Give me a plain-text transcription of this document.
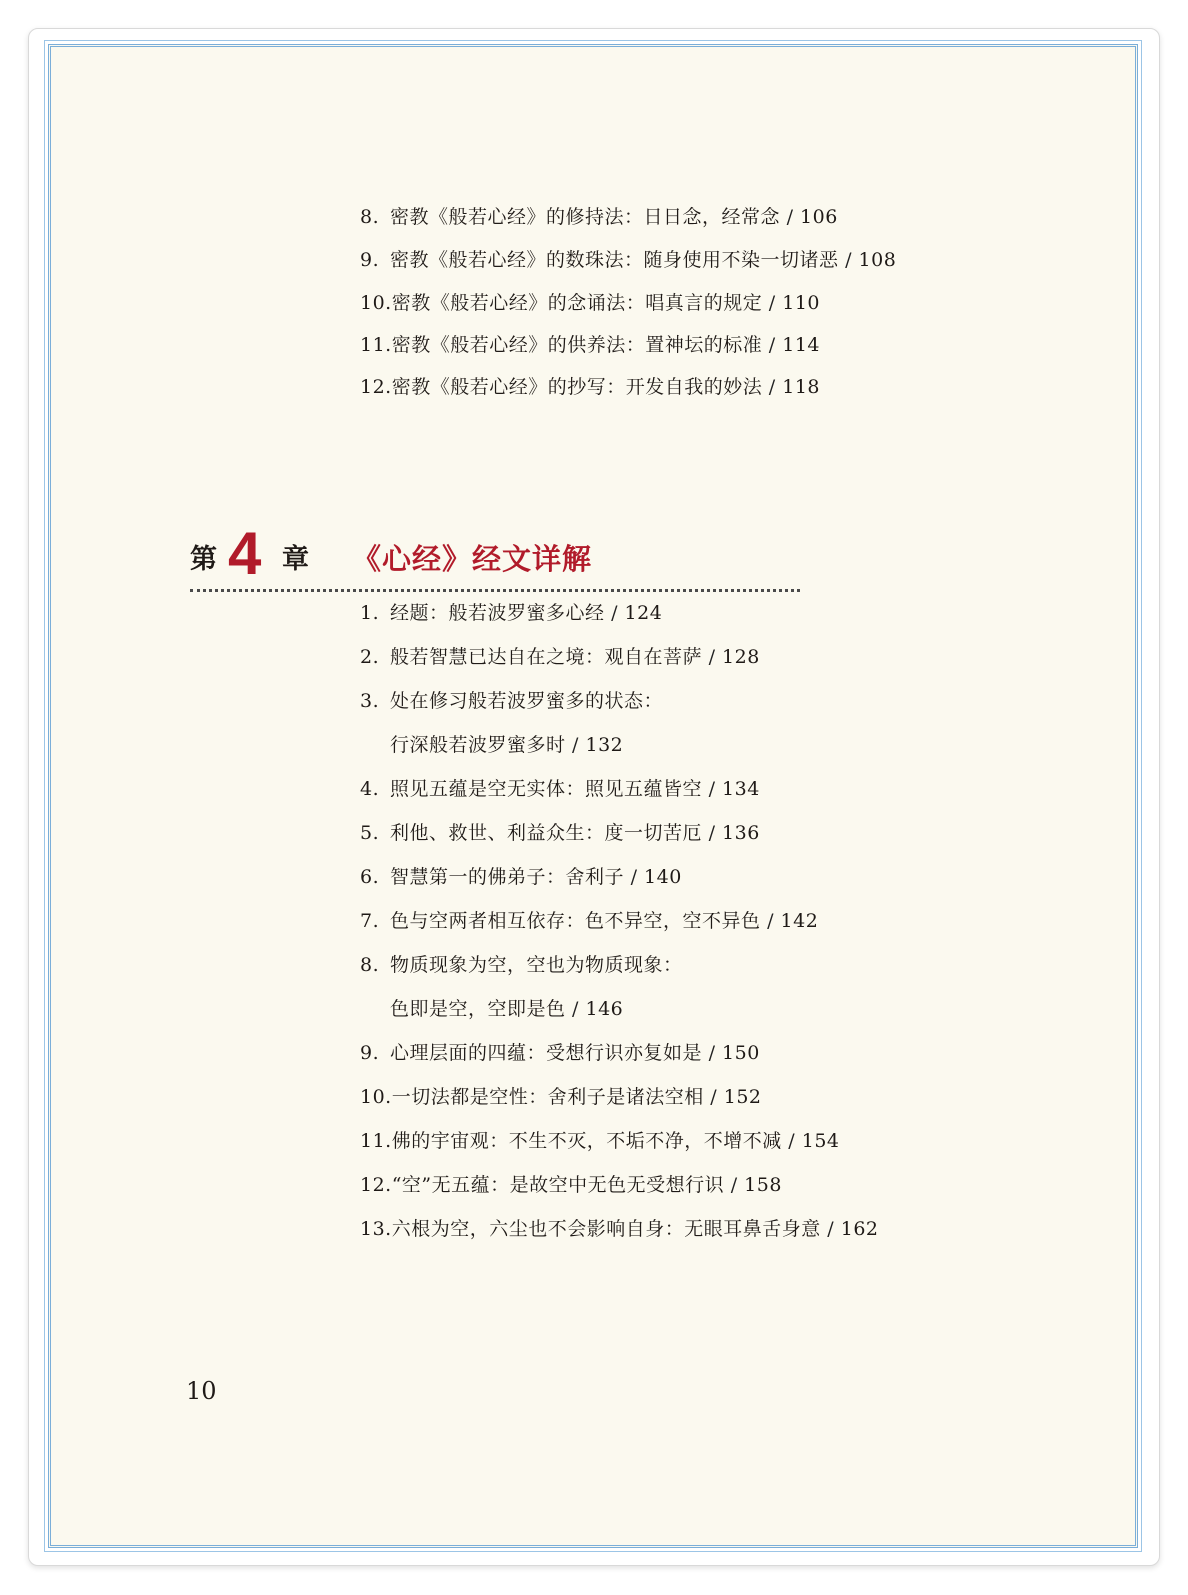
8. 密教《般若心经》的修持法：日日念，经常念 / 106
9. 密教《般若心经》的数珠法：随身使用不染一切诸恶 / 108
10.密教《般若心经》的念诵法：唱真言的规定 / 110
11.密教《般若心经》的供养法：置神坛的标准 / 114
12.密教《般若心经》的抄写：开发自我的妙法 / 118
第 4 章 《心经》经文详解
1. 经题：般若波罗蜜多心经 / 124
2. 般若智慧已达自在之境：观自在菩萨 / 128
3. 处在修习般若波罗蜜多的状态：
行深般若波罗蜜多时 / 132
4. 照见五蕴是空无实体：照见五蕴皆空 / 134
5. 利他、救世、利益众生：度一切苦厄 / 136
6. 智慧第一的佛弟子：舍利子 / 140
7. 色与空两者相互依存：色不异空，空不异色 / 142
8. 物质现象为空，空也为物质现象：
色即是空，空即是色 / 146
9. 心理层面的四蕴：受想行识亦复如是 / 150
10.一切法都是空性：舍利子是诸法空相 / 152
11.佛的宇宙观：不生不灭，不垢不净，不增不减 / 154
12.“空”无五蕴：是故空中无色无受想行识 / 158
13.六根为空，六尘也不会影响自身：无眼耳鼻舌身意 / 162
10
